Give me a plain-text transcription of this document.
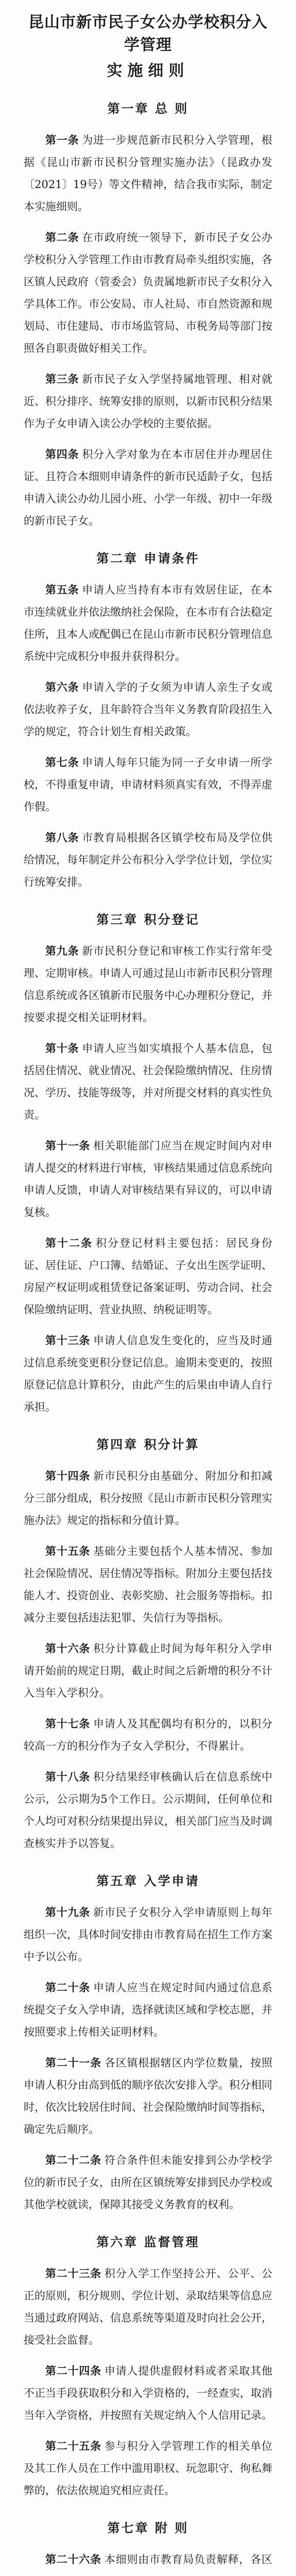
昆山市新市民子女公办学校积分入学管理
实施细则
第一章 总 则

第一条 为进一步规范新市民积分入学管理，根据《昆山市新市民积分管理实施办法》（昆政办发〔2021〕19号）等文件精神，结合我市实际，制定本实施细则。

第二条 在市政府统一领导下，新市民子女公办学校积分入学管理工作由市教育局牵头组织实施，各区镇人民政府（管委会）负责属地新市民子女积分入学具体工作。市公安局、市人社局、市自然资源和规划局、市住建局、市市场监管局、市税务局等部门按照各自职责做好相关工作。

第三条 新市民子女入学坚持属地管理、相对就近、积分排序、统筹安排的原则，以新市民积分结果作为子女申请入读公办学校的主要依据。

第四条 积分入学对象为在本市居住并办理居住证、且符合本细则申请条件的新市民适龄子女，包括申请入读公办幼儿园小班、小学一年级、初中一年级的新市民子女。

第二章 申请条件

第五条 申请人应当持有本市有效居住证，在本市连续就业并依法缴纳社会保险，在本市有合法稳定住所，且本人或配偶已在昆山市新市民积分管理信息系统中完成积分申报并获得积分。

第六条 申请入学的子女须为申请人亲生子女或依法收养子女，且年龄符合当年义务教育阶段招生入学的规定，符合计划生育相关政策。

第七条 申请人每年只能为同一子女申请一所学校，不得重复申请，申请材料须真实有效，不得弄虚作假。

第八条 市教育局根据各区镇学校布局及学位供给情况，每年制定并公布积分入学学位计划，学位实行统筹安排。

第三章 积分登记

第九条 新市民积分登记和审核工作实行常年受理、定期审核。申请人可通过昆山市新市民积分管理信息系统或各区镇新市民服务中心办理积分登记，并按要求提交相关证明材料。

第十条 申请人应当如实填报个人基本信息，包括居住情况、就业情况、社会保险缴纳情况、住房情况、学历、技能等级等，并对所提交材料的真实性负责。

第十一条 相关职能部门应当在规定时间内对申请人提交的材料进行审核，审核结果通过信息系统向申请人反馈，申请人对审核结果有异议的，可以申请复核。

第十二条 积分登记材料主要包括：居民身份证、居住证、户口簿、结婚证、子女出生医学证明、房屋产权证明或租赁登记备案证明、劳动合同、社会保险缴纳证明、营业执照、纳税证明等。

第十三条 申请人信息发生变化的，应当及时通过信息系统变更积分登记信息。逾期未变更的，按照原登记信息计算积分，由此产生的后果由申请人自行承担。

第四章 积分计算

第十四条 新市民积分由基础分、附加分和扣减分三部分组成，积分按照《昆山市新市民积分管理实施办法》规定的指标和分值计算。

第十五条 基础分主要包括个人基本情况、参加社会保险情况、居住情况等指标。附加分主要包括技能人才、投资创业、表彰奖励、社会服务等指标。扣减分主要包括违法犯罪、失信行为等指标。

第十六条 积分计算截止时间为每年积分入学申请开始前的规定日期，截止时间之后新增的积分不计入当年入学积分。

第十七条 申请人及其配偶均有积分的，以积分较高一方的积分作为子女入学积分，不得累计。

第十八条 积分结果经审核确认后在信息系统中公示，公示期为5个工作日。公示期间，任何单位和个人均可对积分结果提出异议，相关部门应当及时调查核实并予以答复。

第五章 入学申请

第十九条 新市民子女积分入学申请原则上每年组织一次，具体时间安排由市教育局在招生工作方案中予以公布。

第二十条 申请人应当在规定时间内通过信息系统提交子女入学申请，选择就读区域和学校志愿，并按照要求上传相关证明材料。

第二十一条 各区镇根据辖区内学位数量，按照申请人积分由高到低的顺序依次安排入学。积分相同时，依次比较居住时间、社会保险缴纳时间等指标，确定先后顺序。

第二十二条 符合条件但未能安排到公办学校学位的新市民子女，由所在区镇统筹安排到民办学校或其他学校就读，保障其接受义务教育的权利。

第六章 监督管理

第二十三条 积分入学工作坚持公开、公平、公正的原则，积分规则、学位计划、录取结果等信息应当通过政府网站、信息系统等渠道及时向社会公开，接受社会监督。

第二十四条 申请人提供虚假材料或者采取其他不正当手段获取积分和入学资格的，一经查实，取消当年入学资格，并按照有关规定纳入个人信用记录。

第二十五条 参与积分入学管理工作的相关单位及其工作人员在工作中滥用职权、玩忽职守、徇私舞弊的，依法依规追究相应责任。

第七章 附 则

第二十六条 本细则由市教育局负责解释，各区
